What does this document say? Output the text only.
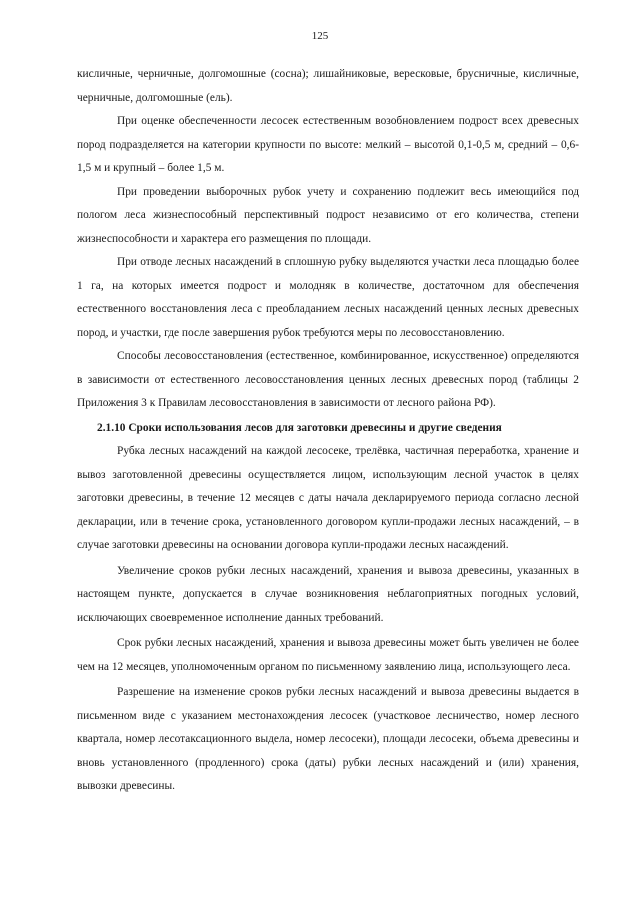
125

кисличные, черничные, долгомошные (сосна); лишайниковые, вересковые, брусничные, кисличные, черничные, долгомошные (ель).

При оценке обеспеченности лесосек естественным возобновлением подрост всех древесных пород подразделяется на категории крупности по высоте: мелкий – высотой 0,1-0,5 м, средний – 0,6-1,5 м и крупный – более 1,5 м.

При проведении выборочных рубок учету и сохранению подлежит весь имеющийся под пологом леса жизнеспособный перспективный подрост независимо от его количества, степени жизнеспособности и характера его размещения по площади.

При отводе лесных насаждений в сплошную рубку выделяются участки леса площадью более 1 га, на которых имеется подрост и молодняк в количестве, достаточном для обеспечения естественного восстановления леса с преобладанием лесных насаждений ценных лесных древесных пород, и участки, где после завершения рубок требуются меры по лесовосстановлению.

Способы лесовосстановления (естественное, комбинированное, искусственное) определяются в зависимости от естественного лесовосстановления ценных лесных древесных пород (таблицы 2 Приложения 3 к Правилам лесовосстановления в зависимости от лесного района РФ).

2.1.10 Сроки использования лесов для заготовки древесины и другие сведения

Рубка лесных насаждений на каждой лесосеке, трелёвка, частичная переработка, хранение и вывоз заготовленной древесины осуществляется лицом, использующим лесной участок в целях заготовки древесины, в течение 12 месяцев с даты начала декларируемого периода согласно лесной декларации, или в течение срока, установленного договором купли-продажи лесных насаждений, – в случае заготовки древесины на основании договора купли-продажи лесных насаждений.

Увеличение сроков рубки лесных насаждений, хранения и вывоза древесины, указанных в настоящем пункте, допускается в случае возникновения неблагоприятных погодных условий, исключающих своевременное исполнение данных требований.

Срок рубки лесных насаждений, хранения и вывоза древесины может быть увеличен не более чем на 12 месяцев, уполномоченным органом по письменному заявлению лица, использующего леса.

Разрешение на изменение сроков рубки лесных насаждений и вывоза древесины выдается в письменном виде с указанием местонахождения лесосек (участковое лесничество, номер лесного квартала, номер лесотаксационного выдела, номер лесосеки), площади лесосеки, объема древесины и вновь установленного (продленного) срока (даты) рубки лесных насаждений и (или) хранения, вывозки древесины.
